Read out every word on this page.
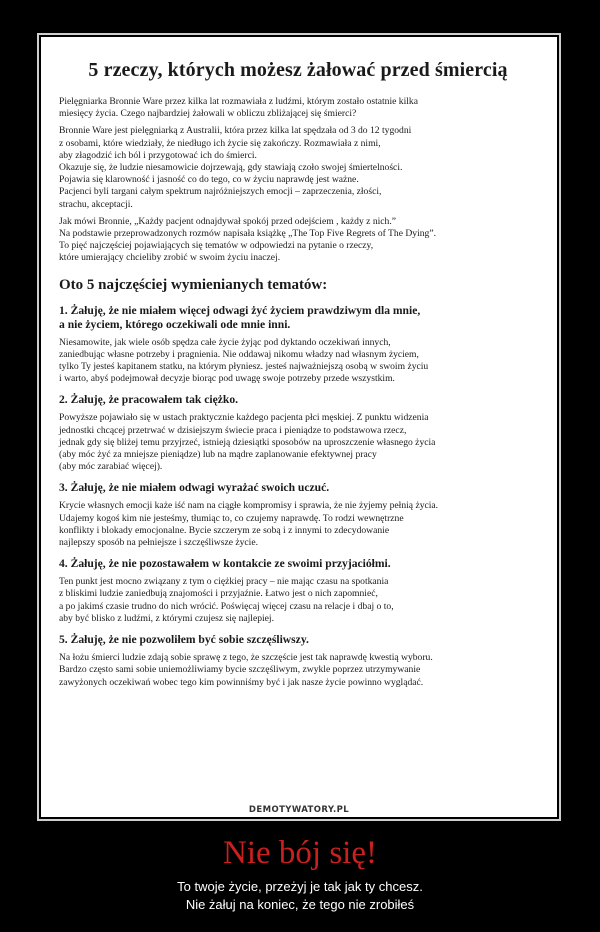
5 rzeczy, których możesz żałować przed śmiercią
Pielęgniarka Bronnie Ware przez kilka lat rozmawiała z ludźmi, którym zostało ostatnie kilka
miesięcy życia. Czego najbardziej żałowali w obliczu zbliżającej się śmierci?
Bronnie Ware jest pielęgniarką z Australii, która przez kilka lat spędzała od 3 do 12 tygodni
z osobami, które wiedziały, że niedługo ich życie się zakończy. Rozmawiała z nimi,
aby złagodzić ich ból i przygotować ich do śmierci.
Okazuje się, że ludzie niesamowicie dojrzewają, gdy stawiają czoło swojej śmiertelności.
Pojawia się klarowność i jasność co do tego, co w życiu naprawdę jest ważne.
Pacjenci byli targani całym spektrum najróżniejszych emocji – zaprzeczenia, złości,
strachu, akceptacji.
Jak mówi Bronnie, „Każdy pacjent odnajdywał spokój przed odejściem , każdy z nich.”
Na podstawie przeprowadzonych rozmów napisała książkę „The Top Five Regrets of The Dying”.
To pięć najczęściej pojawiających się tematów w odpowiedzi na pytanie o rzeczy,
które umierający chcieliby zrobić w swoim życiu inaczej.
Oto 5 najczęściej wymienianych tematów:
1. Żałuję, że nie miałem więcej odwagi żyć życiem prawdziwym dla mnie,
a nie życiem, którego oczekiwali ode mnie inni.
Niesamowite, jak wiele osób spędza całe życie żyjąc pod dyktando oczekiwań innych,
zaniedbując własne potrzeby i pragnienia. Nie oddawaj nikomu władzy nad własnym życiem,
tylko Ty jesteś kapitanem statku, na którym płyniesz. jesteś najważniejszą osobą w swoim życiu
i warto, abyś podejmował decyzje biorąc pod uwagę swoje potrzeby przede wszystkim.
2. Żałuję, że pracowałem tak ciężko.
Powyższe pojawiało się w ustach praktycznie każdego pacjenta płci męskiej. Z punktu widzenia
jednostki chcącej przetrwać w dzisiejszym świecie praca i pieniądze to podstawowa rzecz,
jednak gdy się bliżej temu przyjrzeć, istnieją dziesiątki sposobów na uproszczenie własnego życia
(aby móc żyć za mniejsze pieniądze) lub na mądre zaplanowanie efektywnej pracy
(aby móc zarabiać więcej).
3. Żałuję, że nie miałem odwagi wyrażać swoich uczuć.
Krycie własnych emocji każe iść nam na ciągłe kompromisy i sprawia, że nie żyjemy pełnią życia.
Udajemy kogoś kim nie jesteśmy, tłumiąc to, co czujemy naprawdę. To rodzi wewnętrzne
konflikty i blokady emocjonalne. Bycie szczerym ze sobą i z innymi to zdecydowanie
najlepszy sposób na pełniejsze i szczęśliwsze życie.
4. Żałuję, że nie pozostawałem w kontakcie ze swoimi przyjaciółmi.
Ten punkt jest mocno związany z tym o ciężkiej pracy – nie mając czasu na spotkania
z bliskimi ludzie zaniedbują znajomości i przyjaźnie. Łatwo jest o nich zapomnieć,
a po jakimś czasie trudno do nich wrócić. Poświęcaj więcej czasu na relacje i dbaj o to,
aby być blisko z ludźmi, z którymi czujesz się najlepiej.
5. Żałuję, że nie pozwoliłem być sobie szczęśliwszy.
Na łożu śmierci ludzie zdają sobie sprawę z tego, że szczęście jest tak naprawdę kwestią wyboru.
Bardzo często sami sobie uniemożliwiamy bycie szczęśliwym, zwykle poprzez utrzymywanie
zawyżonych oczekiwań wobec tego kim powinniśmy być i jak nasze życie powinno wyglądać.
DEMOTYWATORY.PL
Nie bój się!
To twoje życie, przeżyj je tak jak ty chcesz.
Nie żałuj na koniec, że tego nie zrobiłeś
